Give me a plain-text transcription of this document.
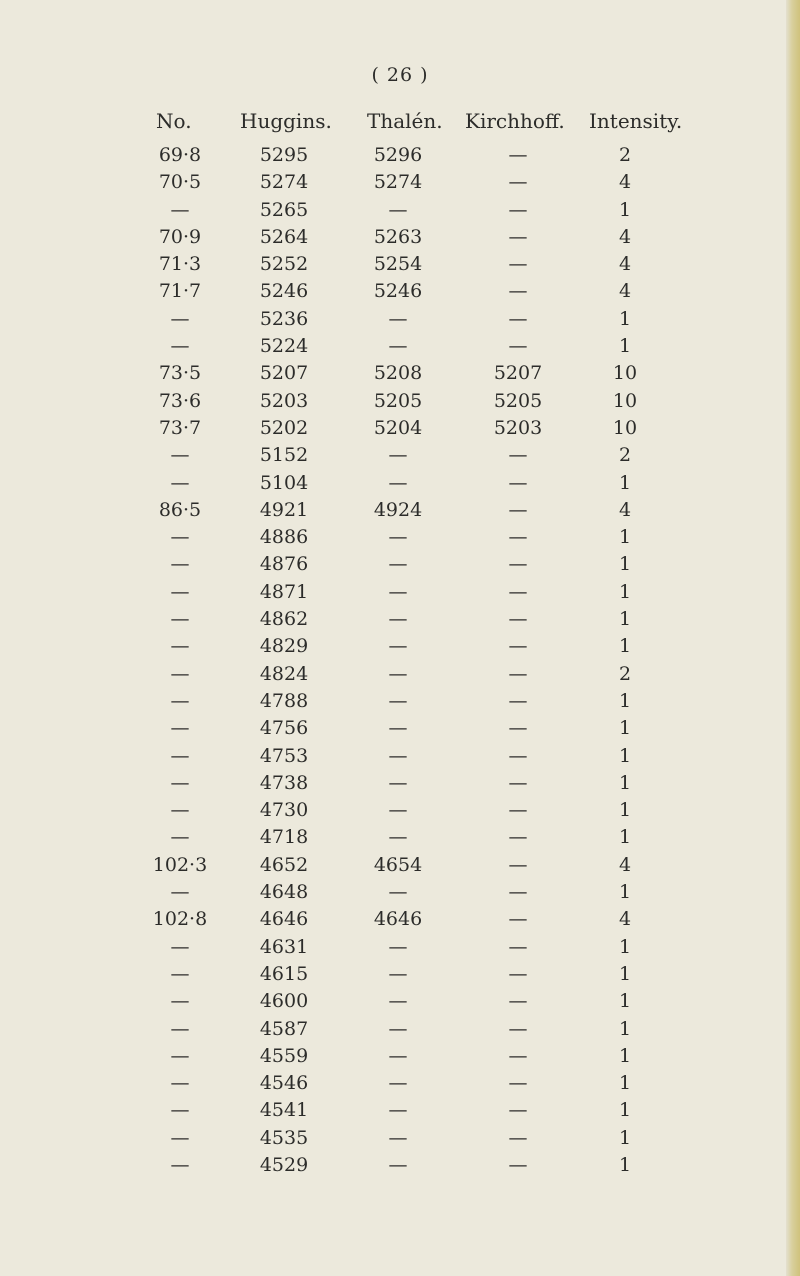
( 26 )
No. Huggins. Thalén. Kirchhoff. Intensity.
69·8	5295	5296	—	2
70·5	5274	5274	—	4
—	5265	—	—	1
70·9	5264	5263	—	4
71·3	5252	5254	—	4
71·7	5246	5246	—	4
—	5236	—	—	1
—	5224	—	—	1
73·5	5207	5208	5207	10
73·6	5203	5205	5205	10
73·7	5202	5204	5203	10
—	5152	—	—	2
—	5104	—	—	1
86·5	4921	4924	—	4
—	4886	—	—	1
—	4876	—	—	1
—	4871	—	—	1
—	4862	—	—	1
—	4829	—	—	1
—	4824	—	—	2
—	4788	—	—	1
—	4756	—	—	1
—	4753	—	—	1
—	4738	—	—	1
—	4730	—	—	1
—	4718	—	—	1
102·3	4652	4654	—	4
—	4648	—	—	1
102·8	4646	4646	—	4
—	4631	—	—	1
—	4615	—	—	1
—	4600	—	—	1
—	4587	—	—	1
—	4559	—	—	1
—	4546	—	—	1
—	4541	—	—	1
—	4535	—	—	1
—	4529	—	—	1
